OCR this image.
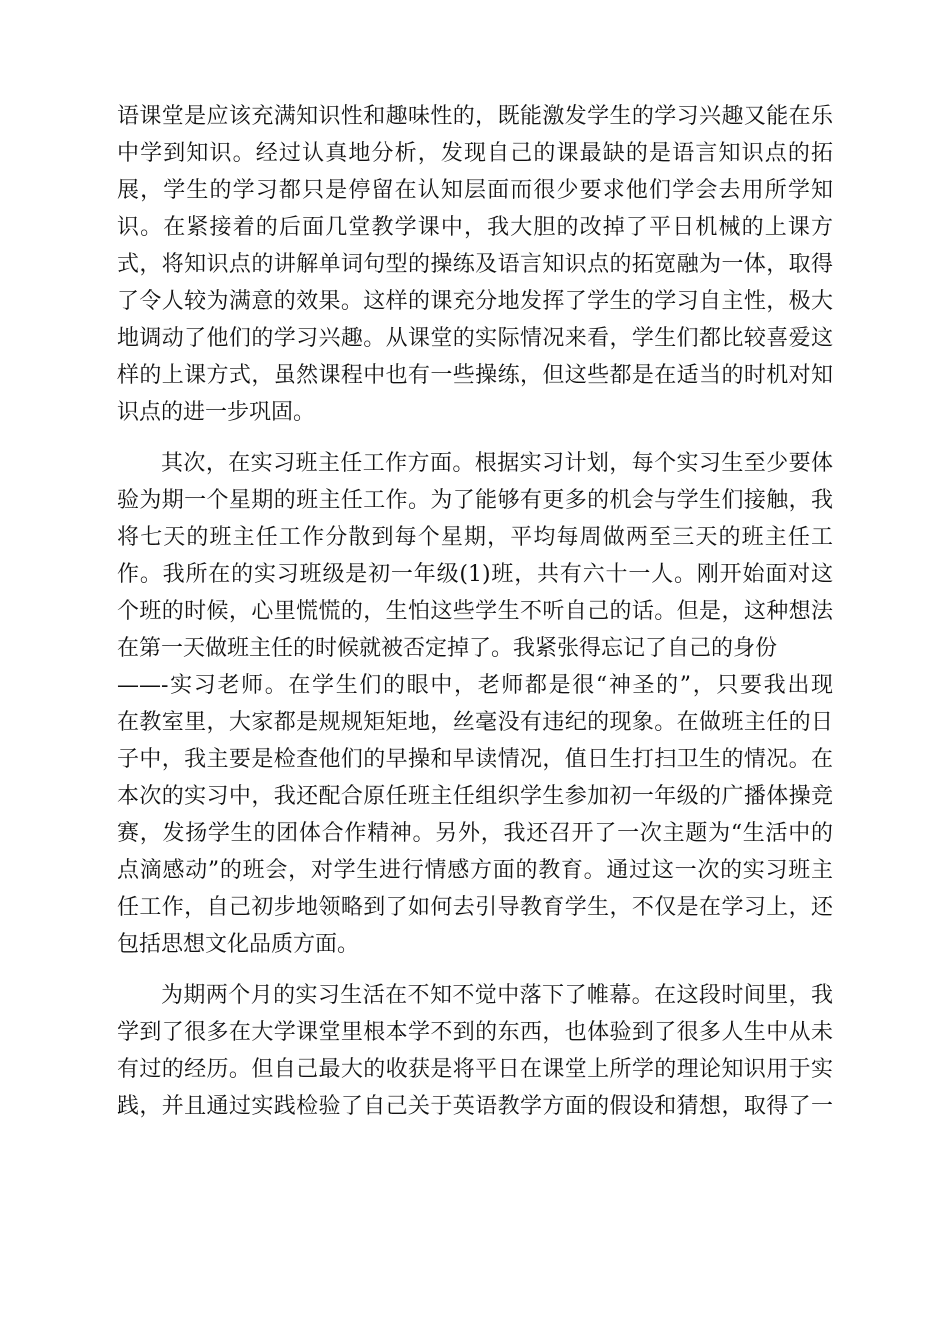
语课堂是应该充满知识性和趣味性的，既能激发学生的学习兴趣又能在乐
中学到知识。经过认真地分析，发现自己的课最缺的是语言知识点的拓
展，学生的学习都只是停留在认知层面而很少要求他们学会去用所学知
识。在紧接着的后面几堂教学课中，我大胆的改掉了平日机械的上课方
式，将知识点的讲解单词句型的操练及语言知识点的拓宽融为一体，取得
了令人较为满意的效果。这样的课充分地发挥了学生的学习自主性，极大
地调动了他们的学习兴趣。从课堂的实际情况来看，学生们都比较喜爱这
样的上课方式，虽然课程中也有一些操练，但这些都是在适当的时机对知
识点的进一步巩固。
其次，在实习班主任工作方面。根据实习计划，每个实习生至少要体
验为期一个星期的班主任工作。为了能够有更多的机会与学生们接触，我
将七天的班主任工作分散到每个星期，平均每周做两至三天的班主任工
作。我所在的实习班级是初一年级(1)班，共有六十一人。刚开始面对这
个班的时候，心里慌慌的，生怕这些学生不听自己的话。但是，这种想法
在第一天做班主任的时候就被否定掉了。我紧张得忘记了自己的身份
——-实习老师。在学生们的眼中，老师都是很“神圣的”，只要我出现
在教室里，大家都是规规矩矩地，丝毫没有违纪的现象。在做班主任的日
子中，我主要是检查他们的早操和早读情况，值日生打扫卫生的情况。在
本次的实习中，我还配合原任班主任组织学生参加初一年级的广播体操竞
赛，发扬学生的团体合作精神。另外，我还召开了一次主题为“生活中的
点滴感动”的班会，对学生进行情感方面的教育。通过这一次的实习班主
任工作，自己初步地领略到了如何去引导教育学生，不仅是在学习上，还
包括思想文化品质方面。
为期两个月的实习生活在不知不觉中落下了帷幕。在这段时间里，我
学到了很多在大学课堂里根本学不到的东西，也体验到了很多人生中从未
有过的经历。但自己最大的收获是将平日在课堂上所学的理论知识用于实
践，并且通过实践检验了自己关于英语教学方面的假设和猜想，取得了一
